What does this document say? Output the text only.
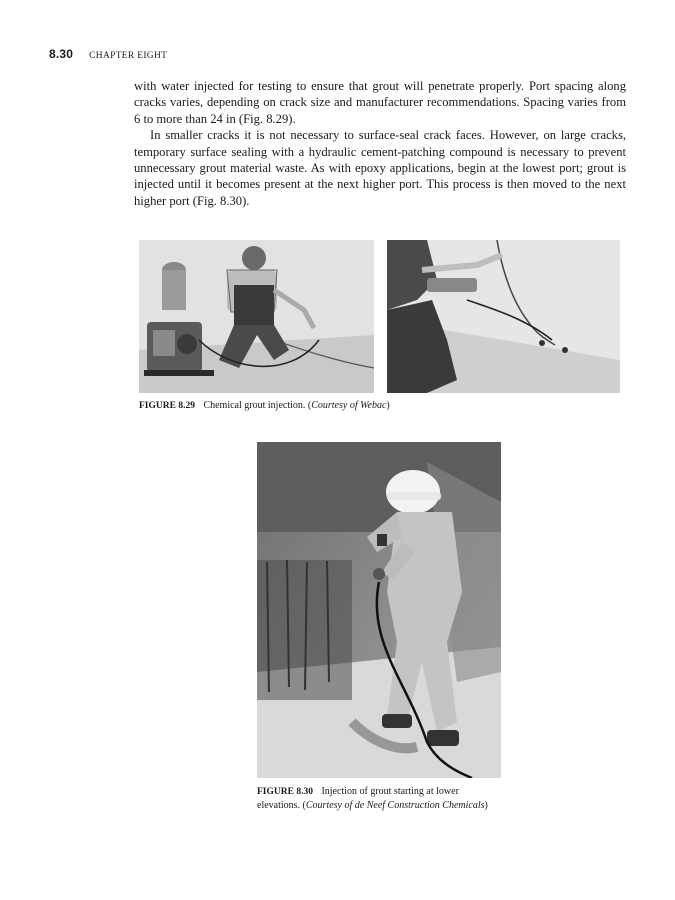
8.30 CHAPTER EIGHT

with water injected for testing to ensure that grout will penetrate properly. Port spacing along cracks varies, depending on crack size and manufacturer recommendations. Spacing varies from 6 to more than 24 in (Fig. 8.29).

In smaller cracks it is not necessary to surface-seal crack faces. However, on large cracks, temporary surface sealing with a hydraulic cement-patching compound is necessary to prevent unnecessary grout material waste. As with epoxy applications, begin at the lowest port; grout is injected until it becomes present at the next higher port. This process is then moved to the next higher port (Fig. 8.30).

FIGURE 8.29 Chemical grout injection. (Courtesy of Webac)
FIGURE 8.30 Injection of grout starting at lower elevations. (Courtesy of de Neef Construction Chemicals)
